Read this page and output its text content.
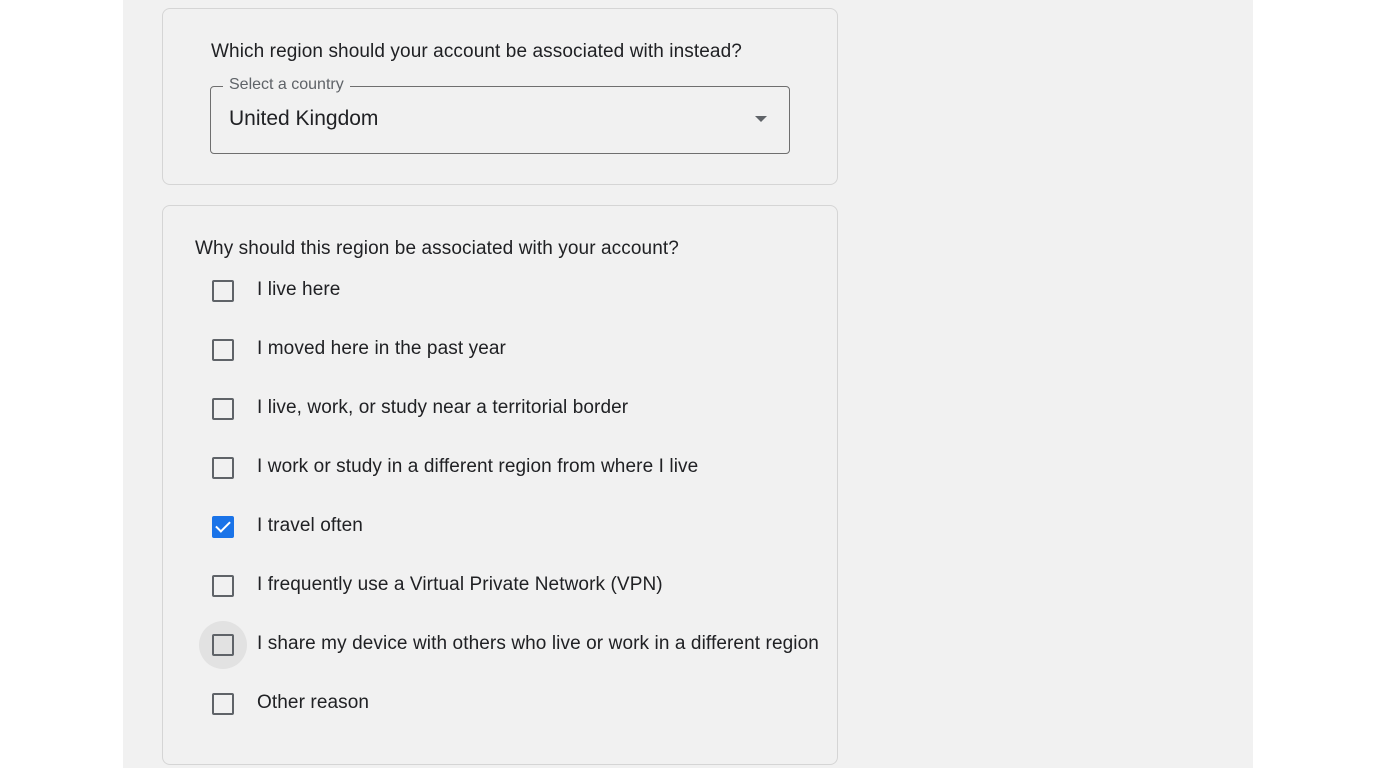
Which region should your account be associated with instead?
Select a country
United Kingdom
Why should this region be associated with your account?
I live here
I moved here in the past year
I live, work, or study near a territorial border
I work or study in a different region from where I live
I travel often
I frequently use a Virtual Private Network (VPN)
I share my device with others who live or work in a different region
Other reason
